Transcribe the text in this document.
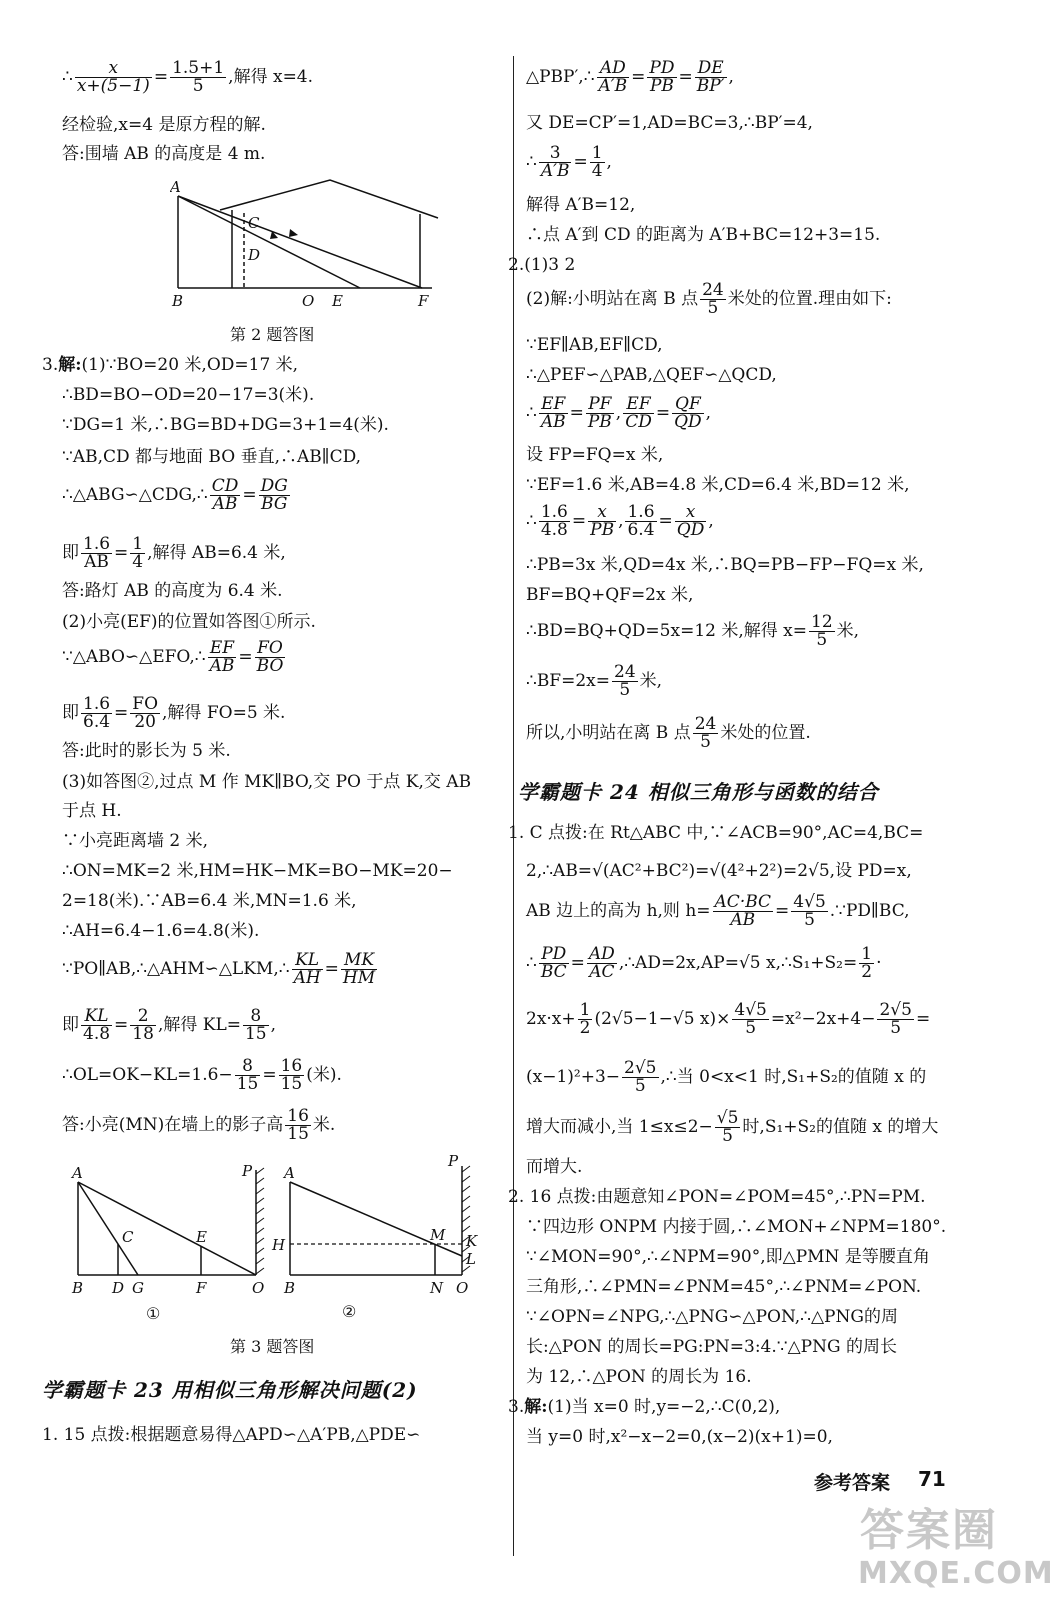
∴ $\frac{x}{x+(5-1)} = \frac{1.5+1}{5}$ ,解得 x=4.
经检验,x=4 是原方程的解.
答:围墙 AB 的高度是 4 m.
A
C
D
B	O E	F
第 2 题答图
3.解:(1)∵BO=20 米,OD=17 米,
∴BD=BO−OD=20−17=3(米).
∵DG=1 米,∴BG=BD+DG=3+1=4(米).
∵AB,CD 都与地面 BO 垂直,∴AB∥CD,
∴△ABG∽△CDG,∴ $\frac{CD}{AB} = \frac{DG}{BG}$
即 $\frac{1.6}{AB} = \frac{1}{4}$ ,解得 AB=6.4 米,
答:路灯 AB 的高度为 6.4 米.
(2)小亮(EF)的位置如答图①所示.
∵△ABO∽△EFO,∴ $\frac{EF}{AB} = \frac{FO}{BO}$
即 $\frac{1.6}{6.4} = \frac{FO}{20}$ ,解得 FO=5 米.
答:此时的影长为 5 米.
(3)如答图②,过点 M 作 MK∥BO,交 PO 于点 K,交 AB
于点 H.
∵小亮距离墙 2 米,
∴ON=MK=2 米,HM=HK−MK=BO−MK=20−
2=18(米).∵AB=6.4 米,MN=1.6 米,
∴AH=6.4−1.6=4.8(米).
∵PO∥AB,∴△AHM∽△LKM,∴ $\frac{KL}{AH} = \frac{MK}{HM}$
即 $\frac{KL}{4.8} = \frac{2}{18}$ ,解得 $KL= \frac{8}{15}$ ,
∴OL=OK−KL=1.6− $\frac{8}{15} = \frac{16}{15}$ (米).
答:小亮(MN)在墙上的影子高 $\frac{16}{15}$ 米.
A
C	E
P
B D G	F	O
①
A
P
M K
H
L
B	N O
②
第 3 题答图
学霸题卡 23 用相似三角形解决问题(2)
1. 15 点拨:根据题意易得△APD∽△A′PB,△PDE∽
△PBP′,∴ $\frac{AD}{A'B} = \frac{PD}{PB} = \frac{DE}{BP'}$ ,
又 DE=CP′=1,AD=BC=3,∴BP′=4,
∴ $\frac{3}{A'B} = \frac{1}{4}$ ,
解得 A′B=12,
∴点 A′到 CD 的距离为 A′B+BC=12+3=15.
2.(1)3 2
(2)解:小明站在离 B 点 $\frac{24}{5}$ 米处的位置.理由如下:
∵EF∥AB,EF∥CD,
∴△PEF∽△PAB,△QEF∽△QCD,
∴ $\frac{EF}{AB} = \frac{PF}{PB}$ , $\frac{EF}{CD} = \frac{QF}{QD}$ ,
设 FP=FQ=x 米,
∵EF=1.6 米,AB=4.8 米,CD=6.4 米,BD=12 米,
∴ $\frac{1.6}{4.8} = \frac{x}{PB}$ , $\frac{1.6}{6.4} = \frac{x}{QD}$ ,
∴PB=3x 米,QD=4x 米,∴BQ=PB−FP−FQ=x 米,
BF=BQ+QF=2x 米,
∴BD=BQ+QD=5x=12 米,解得 $x= \frac{12}{5}$ 米,
∴BF=2x= $\frac{24}{5}$ 米,
所以,小明站在离 B 点 $\frac{24}{5}$ 米处的位置.
学霸题卡 24 相似三角形与函数的结合
1. C 点拨:在 Rt△ABC 中,∵∠ACB=90°,AC=4,BC=
2,∴AB=√(AC²+BC²)=√(4²+2²)=2√5,设 PD=x,
AB 边上的高为 h,则 $h= \frac{AC\cdot BC}{AB} = \frac{4√5}{5}$ .∵PD∥BC,
∴ $\frac{PD}{BC} = \frac{AD}{AC}$ ,∴AD=2x,AP=√5 x,∴S₁+S₂= $\frac{1}{2}$ ·
$2x\cdot x+ \frac{1}{2} (2√5-1-√5$ $x)\times \frac{4√5}{5} =x^2-2x+4- \frac{2√5}{5}$ =
$(x-1)^2+3- \frac{2√5}{5}$ ,∴当 0<x<1 时,S₁+S₂的值随 x 的
增大而减小,当 $1\le x\le 2- \frac{√5}{5}$ 时,S₁+S₂的值随 x 的增大
而增大.
2. 16 点拨:由题意知∠PON=∠POM=45°,∴PN=PM.
∵四边形 ONPM 内接于圆,∴∠MON+∠NPM=180°.
∵∠MON=90°,∴∠NPM=90°,即△PMN 是等腰直角
三角形,∴∠PMN=∠PNM=45°,∴∠PNM=∠PON.
∵∠OPN=∠NPG,∴△PNG∽△PON,∴△PNG的周
长:△PON 的周长=PG:PN=3:4.∵△PNG 的周长
为 12,∴△PON 的周长为 16.
3.解:(1)当 x=0 时,y=−2,∴C(0,2),
当 y=0 时,x²−x−2=0,(x−2)(x+1)=0,
参考答案 71
答案圈
MXQE.COM
